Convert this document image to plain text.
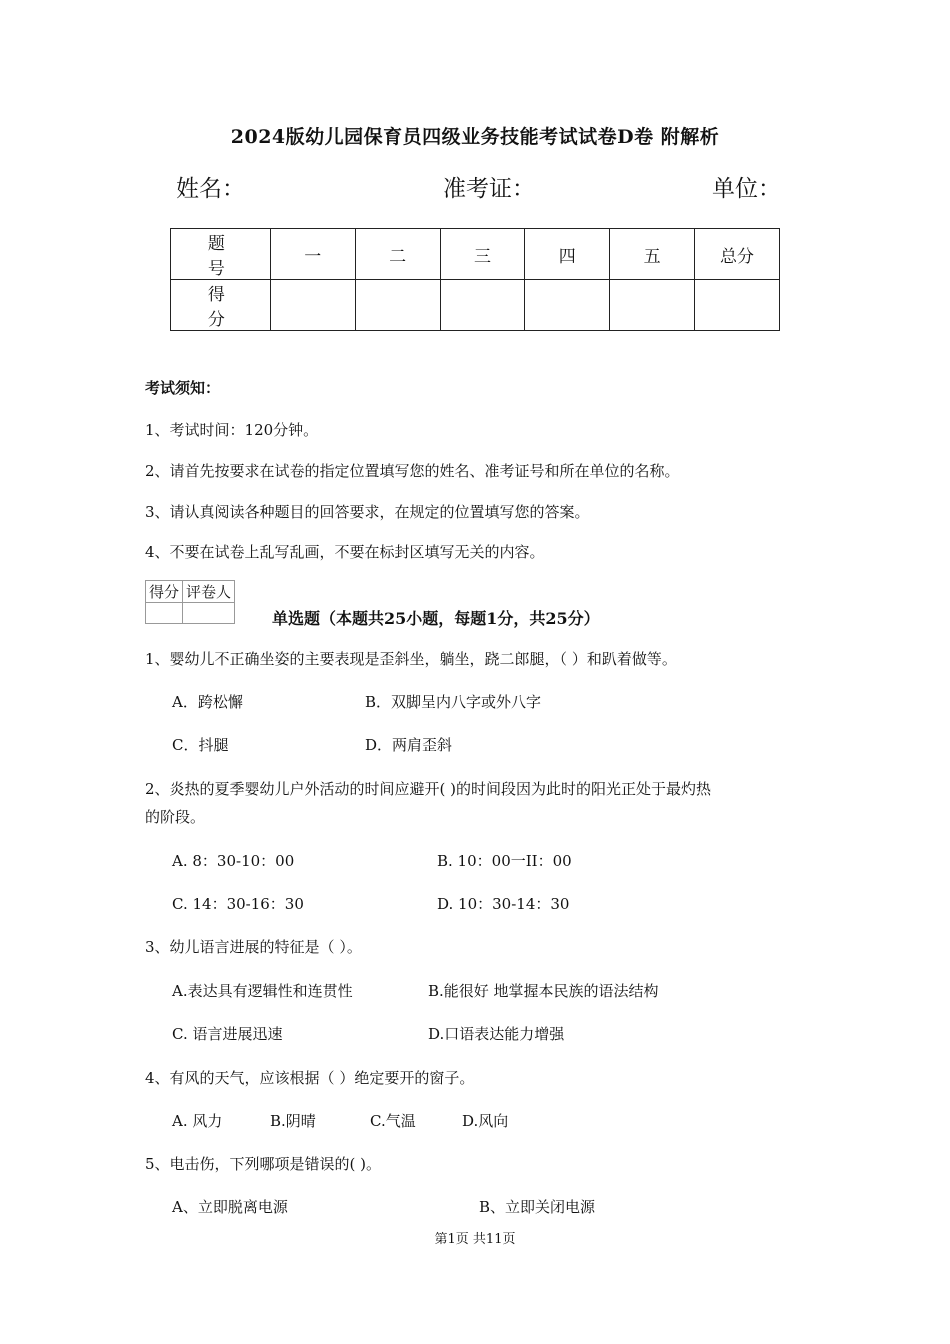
2024版幼儿园保育员四级业务技能考试试卷D卷 附解析
姓名：	准考证：	单位：
题 号	一	二	三	四	五	总分
得 分						
考试须知：
1、考试时间：120分钟。
2、请首先按要求在试卷的指定位置填写您的姓名、准考证号和所在单位的名称。
3、请认真阅读各种题目的回答要求，在规定的位置填写您的答案。
4、不要在试卷上乱写乱画，不要在标封区填写无关的内容。
得分	评卷人

单选题（本题共25小题，每题1分，共25分）
1、婴幼儿不正确坐姿的主要表现是歪斜坐，躺坐，跷二郎腿，（ ）和趴着做等。
A．跨松懈	B．双脚呈内八字或外八字
C．抖腿	D．两肩歪斜
2、炎热的夏季婴幼儿户外活动的时间应避开( )的时间段因为此时的阳光正处于最灼热
的阶段。
A. 8：30-10：00	B. 10：00一II：00
C. 14：30-16：30	D. 10：30-14：30
3、幼儿语言进展的特征是（ ）。
A.表达具有逻辑性和连贯性	B.能很好 地掌握本民族的语法结构
C. 语言进展迅速	D.口语表达能力增强
4、有风的天气，应该根据（ ）绝定要开的窗子。
A. 风力	B.阴晴	C.气温	D.风向
5、电击伤，下列哪项是错误的( )。
A、立即脱离电源	B、立即关闭电源
第1页 共11页
